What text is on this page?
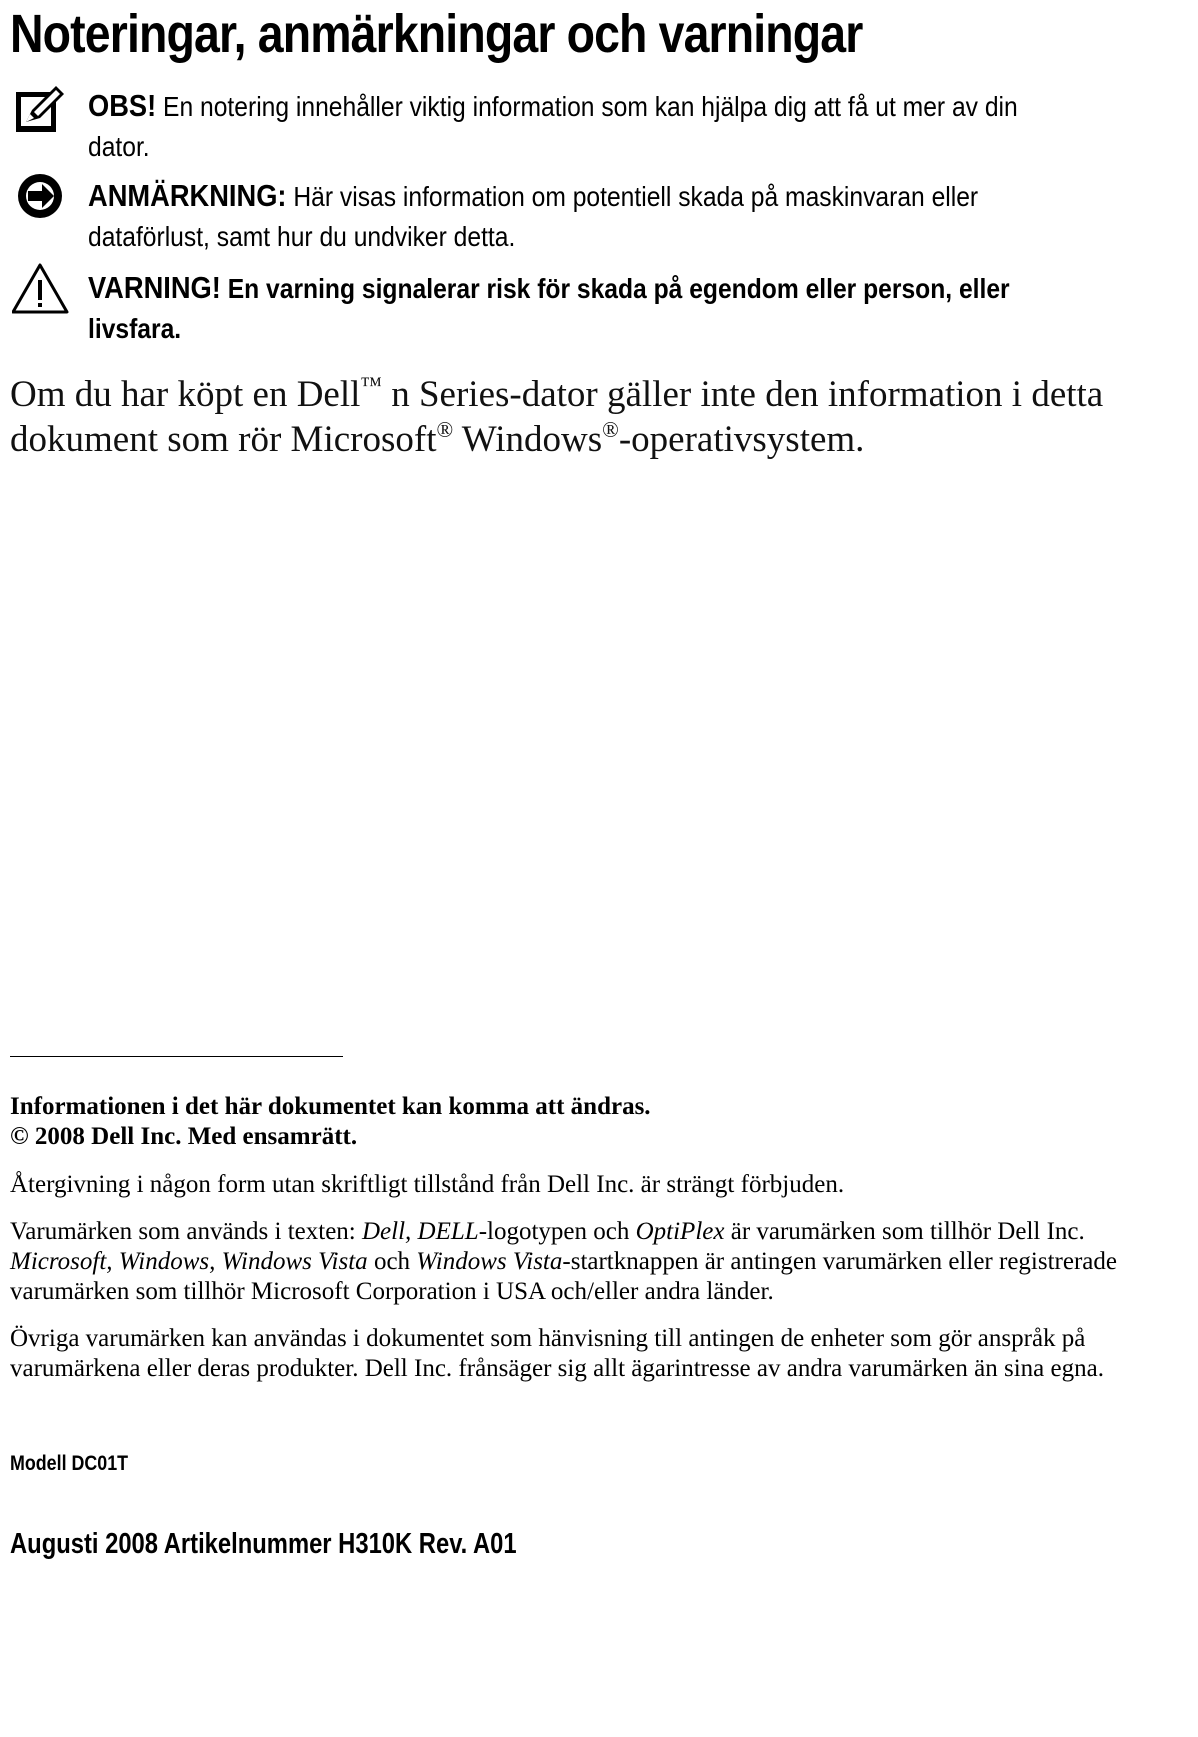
Noteringar, anmärkningar och varningar
OBS! En notering innehåller viktig information som kan hjälpa dig att få ut mer av din dator.
ANMÄRKNING: Här visas information om potentiell skada på maskinvaran eller dataförlust, samt hur du undviker detta.
VARNING! En varning signalerar risk för skada på egendom eller person, eller livsfara.

Om du har köpt en Dell™ n Series-dator gäller inte den information i detta dokument som rör Microsoft® Windows®-operativsystem.

Informationen i det här dokumentet kan komma att ändras.
© 2008 Dell Inc. Med ensamrätt.
Återgivning i någon form utan skriftligt tillstånd från Dell Inc. är strängt förbjuden.
Varumärken som används i texten: Dell, DELL-logotypen och OptiPlex är varumärken som tillhör Dell Inc. Microsoft, Windows, Windows Vista och Windows Vista-startknappen är antingen varumärken eller registrerade varumärken som tillhör Microsoft Corporation i USA och/eller andra länder.
Övriga varumärken kan användas i dokumentet som hänvisning till antingen de enheter som gör anspråk på varumärkena eller deras produkter. Dell Inc. frånsäger sig allt ägarintresse av andra varumärken än sina egna.
Modell DC01T
Augusti 2008 Artikelnummer H310K Rev. A01
